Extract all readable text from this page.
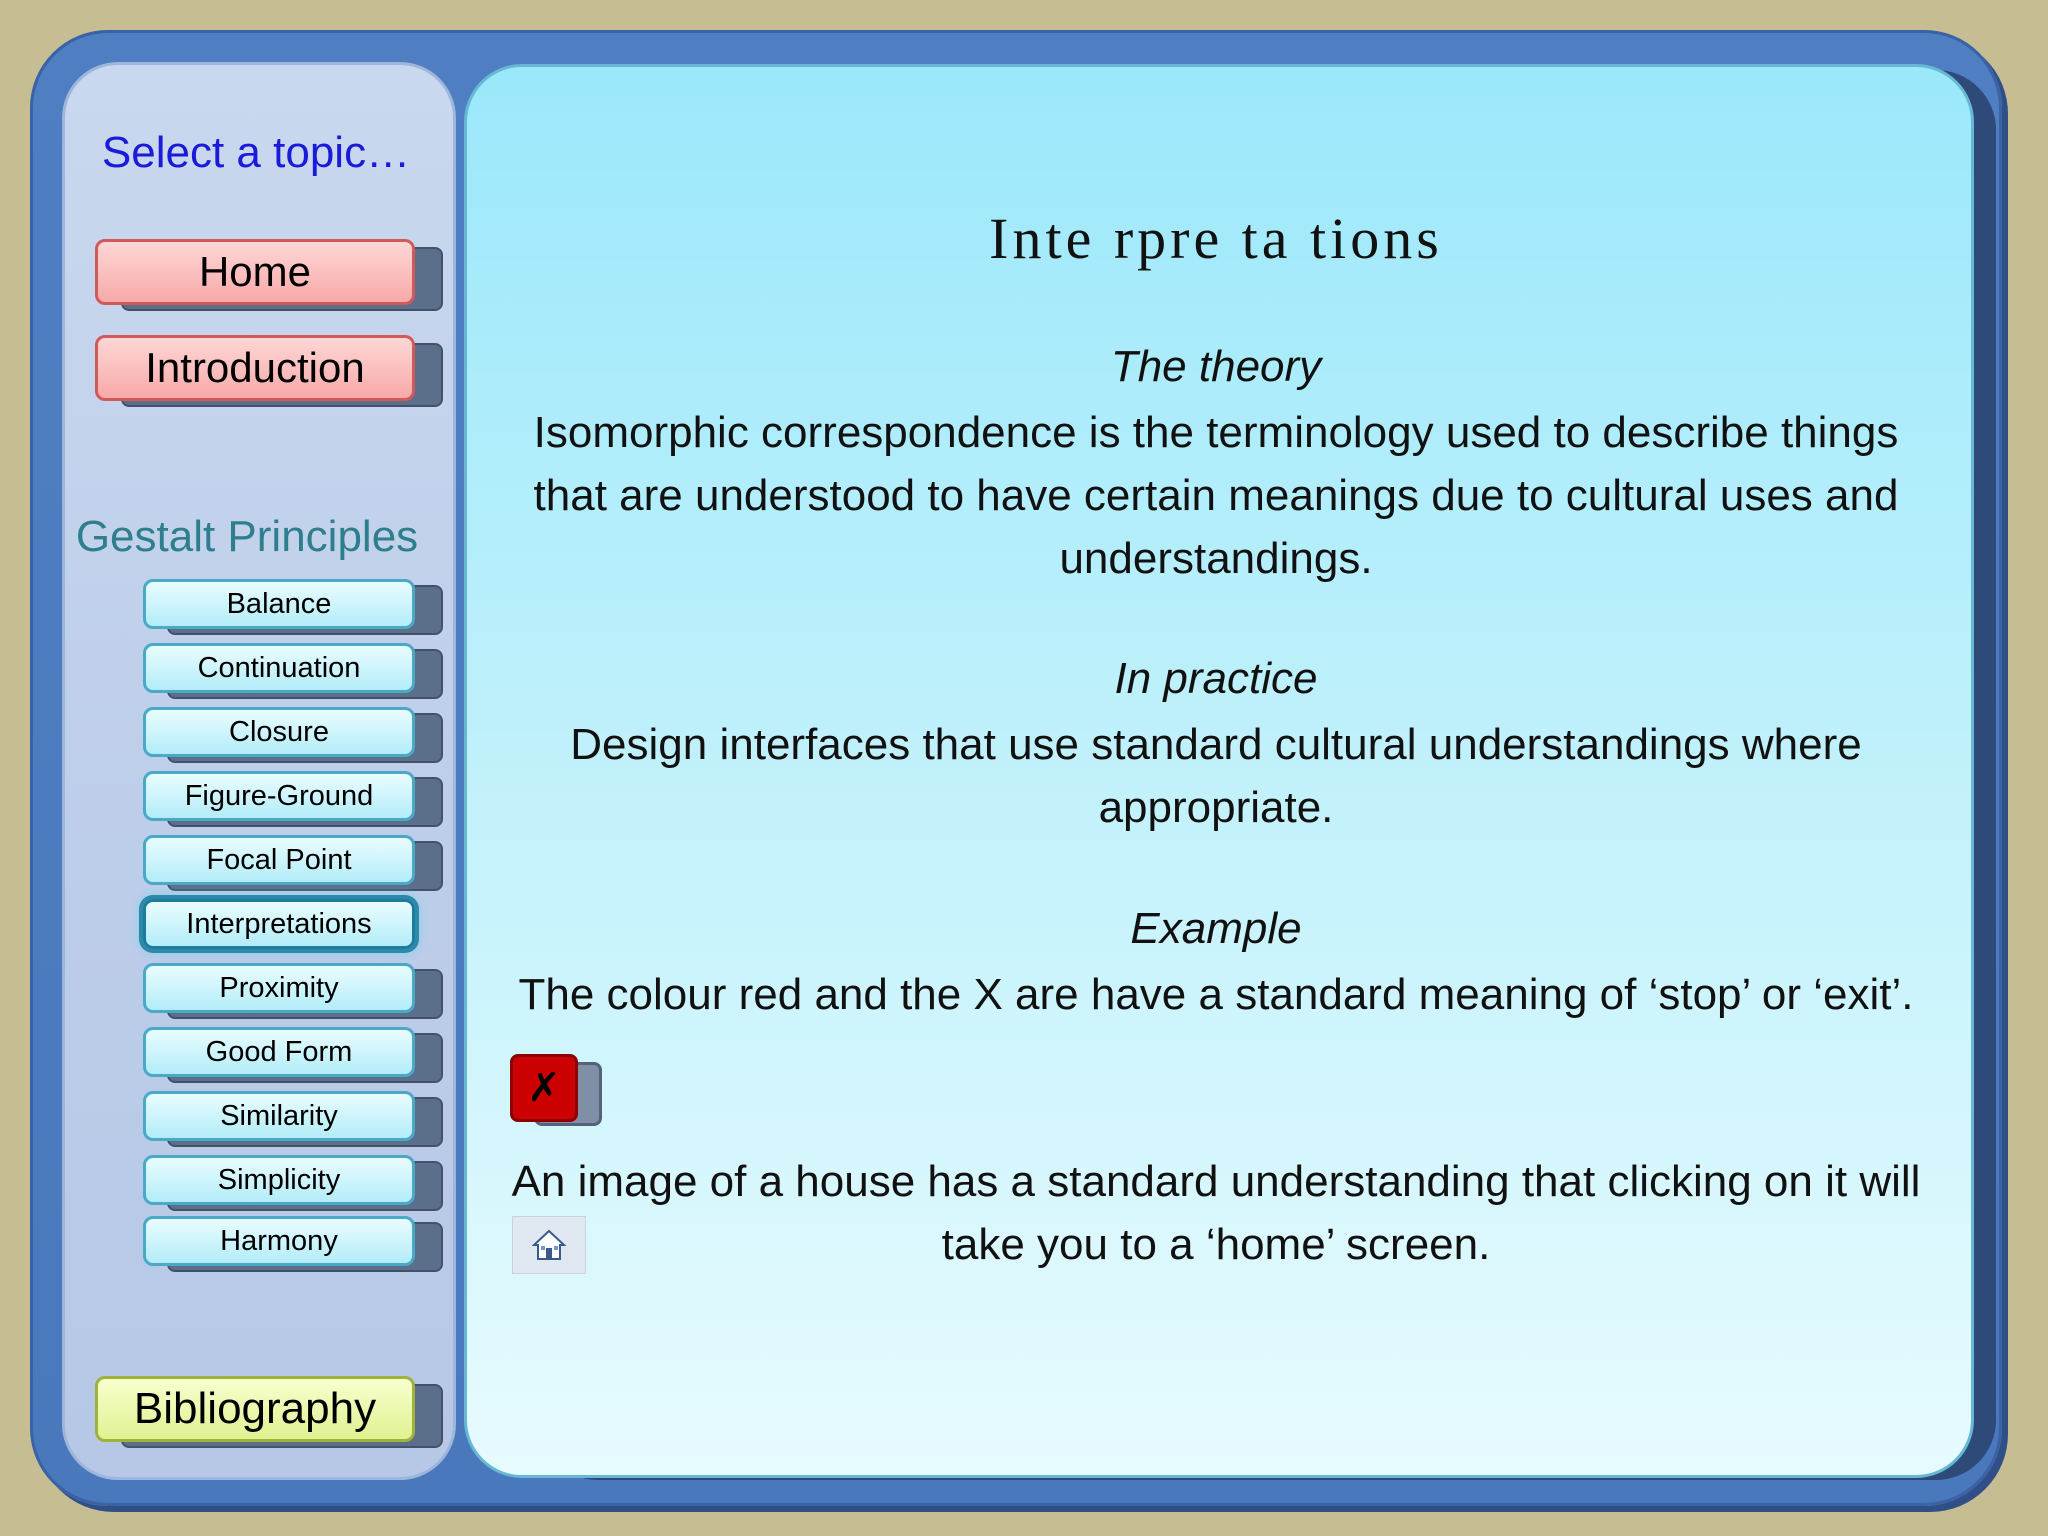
Select a topic…
Home
Introduction
Gestalt Principles
Balance
Continuation
Closure
Figure-Ground
Focal Point
Interpretations
Proximity
Good Form
Similarity
Simplicity
Harmony
Bibliography
Inte rpre ta tions
The theory
Isomorphic correspondence is the terminology used to describe things that are understood to have certain meanings due to cultural uses and understandings.
In practice
Design interfaces that use standard cultural understandings where appropriate.
Example
The colour red and the X are have a standard meaning of ‘stop’ or ‘exit’.
✗
An image of a house has a standard understanding that clicking on it will take you to a ‘home’ screen.
